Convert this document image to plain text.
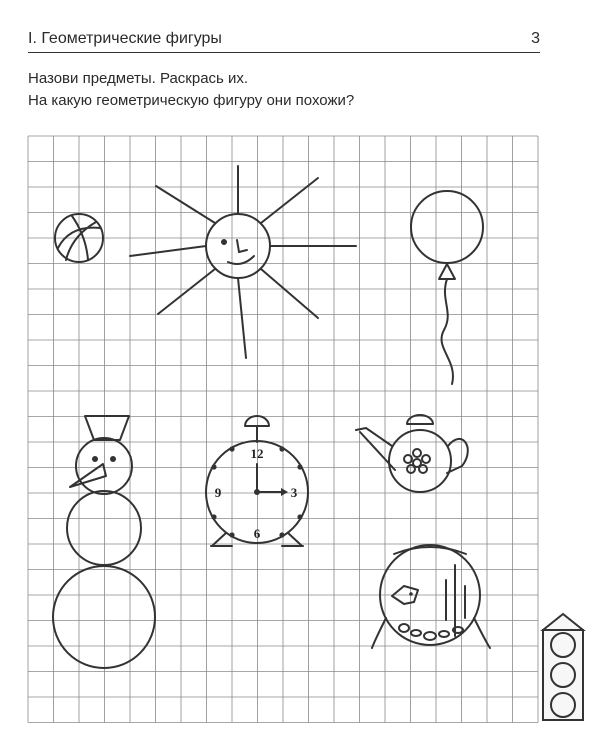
I. Геометрические фигуры	3
Назови предметы. Раскрась их.
На какую геометрическую фигуру они похожи?
12
3
6
9
